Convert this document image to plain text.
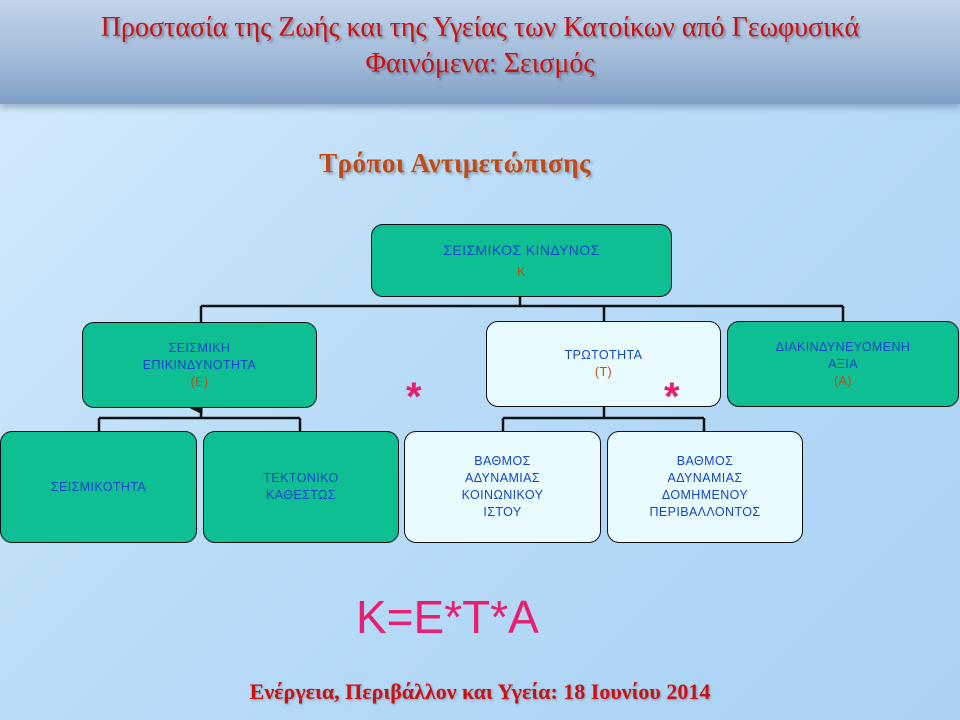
Προστασία της Ζωής και της Υγείας των Κατοίκων από Γεωφυσικά
Φαινόμενα: Σεισμός
Τρόποι Αντιμετώπισης
ΣΕΙΣΜΙΚΟΣ ΚΙΝΔΥΝΟΣ
Κ
ΣΕΙΣΜΙΚΗ
ΕΠΙΚΙΝΔΥΝΟΤΗΤΑ
(Ε)
ΤΡΩΤΟΤΗΤΑ
(Τ)
ΔΙΑΚΙΝΔΥΝΕΥΟΜΕΝΗ
ΑΞΙΑ
(Α)
ΣΕΙΣΜΙΚΟΤΗΤΑ
ΤΕΚΤΟΝΙΚΟ
ΚΑΘΕΣΤΩΣ
ΒΑΘΜΟΣ
ΑΔΥΝΑΜΙΑΣ
ΚΟΙΝΩΝΙΚΟΥ
ΙΣΤΟΥ
ΒΑΘΜΟΣ
ΑΔΥΝΑΜΙΑΣ
ΔΟΜΗΜΕΝΟΥ
ΠΕΡΙΒΑΛΛΟΝΤΟΣ
*	*
Κ=Ε*Τ*Α
Ενέργεια, Περιβάλλον και Υγεία: 18 Ιουνίου 2014
